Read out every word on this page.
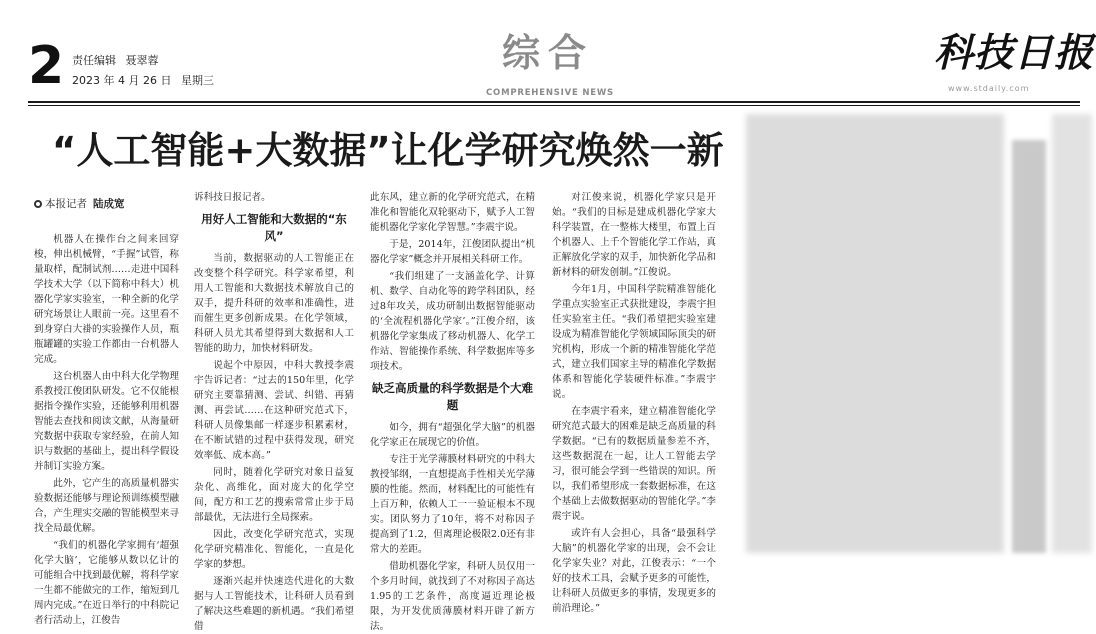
2 责任编辑 聂翠蓉
2023 年 4 月 26 日 星期三
综合
COMPREHENSIVE NEWS
科技日报
www.stdaily.com
“人工智能+大数据”让化学研究焕然一新
本报记者 陆成宽

机器人在操作台之间来回穿梭，伸出机械臂，“手握”试管，称量取样，配制试剂……走进中国科学技术大学（以下简称中科大）机器化学家实验室，一种全新的化学研究场景让人眼前一亮。这里看不到身穿白大褂的实验操作人员，瓶瓶罐罐的实验工作都由一台机器人完成。

这台机器人由中科大化学物理系教授江俊团队研发。它不仅能根据指令操作实验，还能够利用机器智能去查找和阅读文献，从海量研究数据中获取专家经验，在前人知识与数据的基础上，提出科学假设并制订实验方案。

此外，它产生的高质量机器实验数据还能够与理论预训练模型融合，产生理实交融的智能模型来寻找全局最优解。

“我们的机器化学家拥有‘超强化学大脑’，它能够从数以亿计的可能组合中找到最优解，将科学家一生都不能做完的工作，缩短到几周内完成。”在近日举行的中科院记者行活动上，江俊告

诉科技日报记者。

用好人工智能和大数据的“东风”

当前，数据驱动的人工智能正在改变整个科学研究。科学家希望，利用人工智能和大数据技术解放自己的双手，提升科研的效率和准确性，进而催生更多创新成果。在化学领域，科研人员尤其希望得到大数据和人工智能的助力，加快材料研发。

说起个中原因，中科大教授李震宇告诉记者：“过去的150年里，化学研究主要靠猜测、尝试、纠错、再猜测、再尝试……在这种研究范式下，科研人员像集邮一样逐步积累素材，在不断试错的过程中获得发现，研究效率低、成本高。”

同时，随着化学研究对象日益复杂化、高维化，面对庞大的化学空间，配方和工艺的搜索常常止步于局部最优，无法进行全局探索。

因此，改变化学研究范式，实现化学研究精准化、智能化，一直是化学家的梦想。

逐渐兴起并快速迭代进化的大数据与人工智能技术，让科研人员看到了解决这些难题的新机遇。“我们希望借

此东风，建立新的化学研究范式，在精准化和智能化双轮驱动下，赋予人工智能机器化学家化学智慧。”李震宇说。

于是，2014年，江俊团队提出“机器化学家”概念并开展相关科研工作。

“我们组建了一支涵盖化学、计算机、数学、自动化等的跨学科团队，经过8年攻关，成功研制出数据智能驱动的‘全流程机器化学家’。”江俊介绍，该机器化学家集成了移动机器人、化学工作站、智能操作系统、科学数据库等多项技术。

缺乏高质量的科学数据是个大难题

如今，拥有“超强化学大脑”的机器化学家正在展现它的价值。

专注于光学薄膜材料研究的中科大教授邹纲，一直想提高手性相关光学薄膜的性能。然而，材料配比的可能性有上百万种，依赖人工一一验证根本不现实。团队努力了10年，将不对称因子提高到了1.2，但离理论极限2.0还有非常大的差距。

借助机器化学家，科研人员仅用一个多月时间，就找到了不对称因子高达1.95的工艺条件，高度逼近理论极限，为开发优质薄膜材料开辟了新方法。

对江俊来说，机器化学家只是开始。“我们的目标是建成机器化学家大科学装置，在一整栋大楼里，布置上百个机器人、上千个智能化学工作站，真正解放化学家的双手，加快新化学品和新材料的研发创制。”江俊说。

今年1月，中国科学院精准智能化学重点实验室正式获批建设，李震宇担任实验室主任。“我们希望把实验室建设成为精准智能化学领域国际顶尖的研究机构，形成一个新的精准智能化学范式，建立我们国家主导的精准化学数据体系和智能化学装硬件标准。”李震宇说。

在李震宇看来，建立精准智能化学研究范式最大的困难是缺乏高质量的科学数据。“已有的数据质量参差不齐，这些数据混在一起，让人工智能去学习，很可能会学到一些错误的知识。所以，我们希望形成一套数据标准，在这个基础上去做数据驱动的智能化学。”李震宇说。

或许有人会担心，具备“最强科学大脑”的机器化学家的出现，会不会让化学家失业？对此，江俊表示：“一个好的技术工具，会赋予更多的可能性，让科研人员做更多的事情，发现更多的前沿理论。”
